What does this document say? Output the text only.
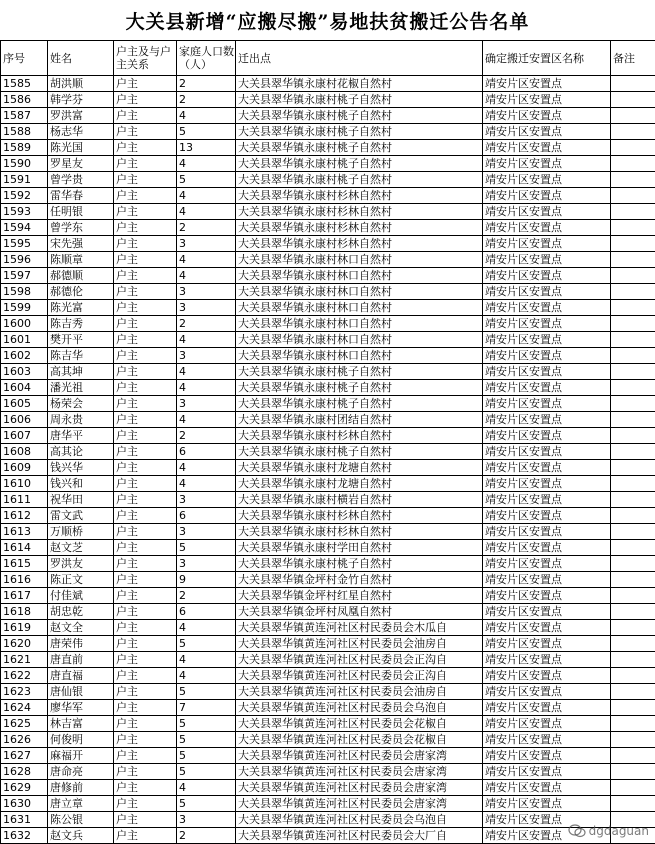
大关县新增“应搬尽搬”易地扶贫搬迁公告名单
序号	姓名	户主及与户主关系	家庭人口数（人）	迁出点	确定搬迁安置区名称	备注
1585	胡洪顺	户主	2	大关县翠华镇永康村花椒自然村	靖安片区安置点	
1586	韩学芬	户主	2	大关县翠华镇永康村桃子自然村	靖安片区安置点	
1587	罗洪富	户主	4	大关县翠华镇永康村桃子自然村	靖安片区安置点	
1588	杨志华	户主	5	大关县翠华镇永康村桃子自然村	靖安片区安置点	
1589	陈光国	户主	13	大关县翠华镇永康村桃子自然村	靖安片区安置点	
1590	罗星友	户主	4	大关县翠华镇永康村桃子自然村	靖安片区安置点	
1591	曾学贵	户主	5	大关县翠华镇永康村桃子自然村	靖安片区安置点	
1592	雷华春	户主	4	大关县翠华镇永康村杉林自然村	靖安片区安置点	
1593	任明银	户主	4	大关县翠华镇永康村杉林自然村	靖安片区安置点	
1594	曾学东	户主	2	大关县翠华镇永康村杉林自然村	靖安片区安置点	
1595	宋先强	户主	3	大关县翠华镇永康村杉林自然村	靖安片区安置点	
1596	陈顺章	户主	4	大关县翠华镇永康村林口自然村	靖安片区安置点	
1597	郝德顺	户主	4	大关县翠华镇永康村林口自然村	靖安片区安置点	
1598	郝德伦	户主	3	大关县翠华镇永康村林口自然村	靖安片区安置点	
1599	陈光富	户主	3	大关县翠华镇永康村林口自然村	靖安片区安置点	
1600	陈吉秀	户主	2	大关县翠华镇永康村林口自然村	靖安片区安置点	
1601	樊开平	户主	4	大关县翠华镇永康村林口自然村	靖安片区安置点	
1602	陈吉华	户主	3	大关县翠华镇永康村林口自然村	靖安片区安置点	
1603	高其坤	户主	4	大关县翠华镇永康村桃子自然村	靖安片区安置点	
1604	潘光祖	户主	4	大关县翠华镇永康村桃子自然村	靖安片区安置点	
1605	杨荣会	户主	3	大关县翠华镇永康村桃子自然村	靖安片区安置点	
1606	周永贵	户主	4	大关县翠华镇永康村团结自然村	靖安片区安置点	
1607	唐华平	户主	2	大关县翠华镇永康村杉林自然村	靖安片区安置点	
1608	高其论	户主	6	大关县翠华镇永康村桃子自然村	靖安片区安置点	
1609	钱兴华	户主	4	大关县翠华镇永康村龙塘自然村	靖安片区安置点	
1610	钱兴和	户主	4	大关县翠华镇永康村龙塘自然村	靖安片区安置点	
1611	祝华田	户主	3	大关县翠华镇永康村横岩自然村	靖安片区安置点	
1612	雷文武	户主	6	大关县翠华镇永康村杉林自然村	靖安片区安置点	
1613	万顺桥	户主	3	大关县翠华镇永康村杉林自然村	靖安片区安置点	
1614	赵文芝	户主	5	大关县翠华镇永康村学田自然村	靖安片区安置点	
1615	罗洪友	户主	3	大关县翠华镇永康村桃子自然村	靖安片区安置点	
1616	陈正文	户主	9	大关县翠华镇金坪村金竹自然村	靖安片区安置点	
1617	付佳斌	户主	2	大关县翠华镇金坪村红星自然村	靖安片区安置点	
1618	胡忠乾	户主	6	大关县翠华镇金坪村凤凰自然村	靖安片区安置点	
1619	赵文全	户主	4	大关县翠华镇黄连河社区村民委员会木瓜自	靖安片区安置点	
1620	唐荣伟	户主	5	大关县翠华镇黄连河社区村民委员会油房自	靖安片区安置点	
1621	唐直前	户主	4	大关县翠华镇黄连河社区村民委员会正沟自	靖安片区安置点	
1622	唐直福	户主	4	大关县翠华镇黄连河社区村民委员会正沟自	靖安片区安置点	
1623	唐仙银	户主	5	大关县翠华镇黄连河社区村民委员会油房自	靖安片区安置点	
1624	廖华军	户主	7	大关县翠华镇黄连河社区村民委员会乌泡自	靖安片区安置点	
1625	林吉富	户主	5	大关县翠华镇黄连河社区村民委员会花椒自	靖安片区安置点	
1626	何俊明	户主	5	大关县翠华镇黄连河社区村民委员会花椒自	靖安片区安置点	
1627	麻福开	户主	5	大关县翠华镇黄连河社区村民委员会唐家湾	靖安片区安置点	
1628	唐命亮	户主	5	大关县翠华镇黄连河社区村民委员会唐家湾	靖安片区安置点	
1629	唐修前	户主	4	大关县翠华镇黄连河社区村民委员会唐家湾	靖安片区安置点	
1630	唐立章	户主	5	大关县翠华镇黄连河社区村民委员会唐家湾	靖安片区安置点	
1631	陈公银	户主	3	大关县翠华镇黄连河社区村民委员会乌泡自	靖安片区安置点	
1632	赵文兵	户主	2	大关县翠华镇黄连河社区村民委员会大厂自	靖安片区安置点	dgdaguan
